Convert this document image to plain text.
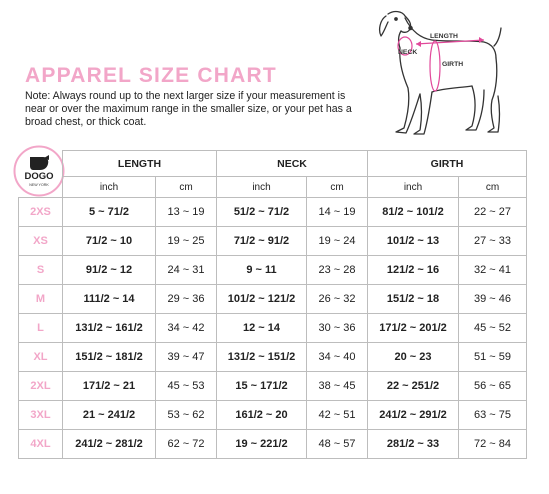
APPAREL SIZE CHART
Note: Always round up to the next larger size if your measurement is near or over the maximum range in the smaller size, or your pet has a broad chest, or thick coat.
NECK
LENGTH
GIRTH
DOGO
NEW YORK
	LENGTH		NECK		GIRTH	
	inch	cm	inch	cm	inch	cm
2XS	5 ~ 71/2	13 ~ 19	51/2 ~ 71/2	14 ~ 19	81/2 ~ 101/2	22 ~ 27
XS	71/2 ~ 10	19 ~ 25	71/2 ~ 91/2	19 ~ 24	101/2 ~ 13	27 ~ 33
S	91/2 ~ 12	24 ~ 31	9 ~ 11	23 ~ 28	121/2 ~ 16	32 ~ 41
M	111/2 ~ 14	29 ~ 36	101/2 ~ 121/2	26 ~ 32	151/2 ~ 18	39 ~ 46
L	131/2 ~ 161/2	34 ~ 42	12 ~ 14	30 ~ 36	171/2 ~ 201/2	45 ~ 52
XL	151/2 ~ 181/2	39 ~ 47	131/2 ~ 151/2	34 ~ 40	20 ~ 23	51 ~ 59
2XL	171/2 ~ 21	45 ~ 53	15 ~ 171/2	38 ~ 45	22 ~ 251/2	56 ~ 65
3XL	21 ~ 241/2	53 ~ 62	161/2 ~ 20	42 ~ 51	241/2 ~ 291/2	63 ~ 75
4XL	241/2 ~ 281/2	62 ~ 72	19 ~ 221/2	48 ~ 57	281/2 ~ 33	72 ~ 84
